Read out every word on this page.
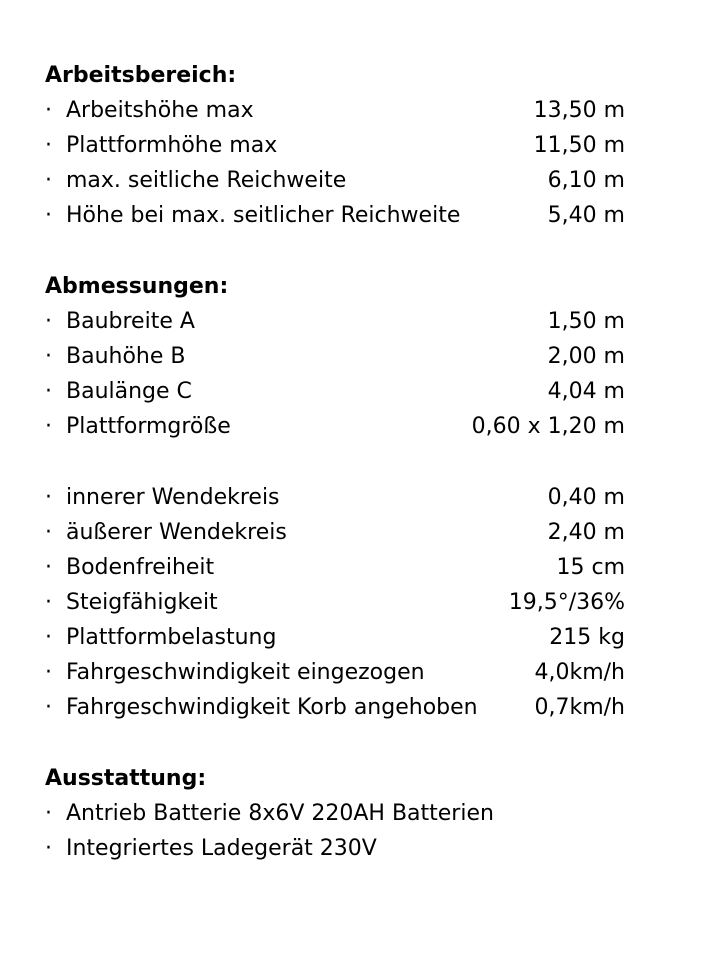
Arbeitsbereich:
· Arbeitshöhe max	13,50 m
· Plattformhöhe max	11,50 m
· max. seitliche Reichweite	6,10 m
· Höhe bei max. seitlicher Reichweite	5,40 m
Abmessungen:
· Baubreite A	1,50 m
· Bauhöhe B	2,00 m
· Baulänge C	4,04 m
· Plattformgröße	0,60 x 1,20 m
· innerer Wendekreis	0,40 m
· äußerer Wendekreis	2,40 m
· Bodenfreiheit	15 cm
· Steigfähigkeit	19,5°/36%
· Plattformbelastung	215 kg
· Fahrgeschwindigkeit eingezogen	4,0km/h
· Fahrgeschwindigkeit Korb angehoben	0,7km/h
Ausstattung:
· Antrieb Batterie 8x6V 220AH Batterien
· Integriertes Ladegerät 230V
